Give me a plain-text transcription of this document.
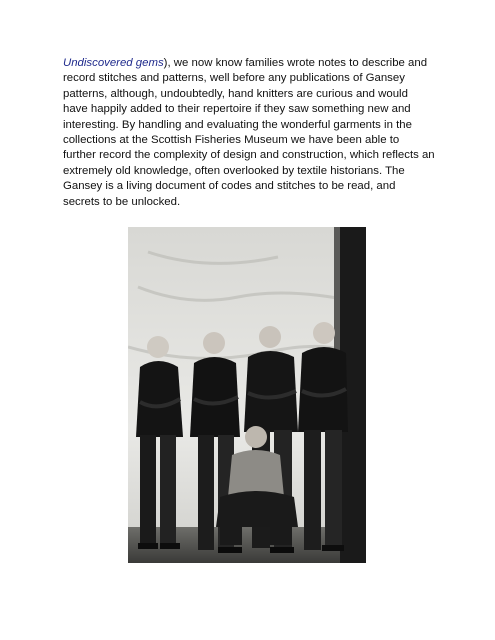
Undiscovered gems), we now know families wrote notes to describe and record stitches and patterns, well before any publications of Gansey patterns, although, undoubtedly, hand knitters are curious and would have happily added to their repertoire if they saw something new and interesting. By handling and evaluating the wonderful garments in the collections at the Scottish Fisheries Museum we have been able to further record the complexity of design and construction, which reflects an extremely old knowledge, often overlooked by textile historians. The Gansey is a living document of codes and stitches to be read, and secrets to be unlocked.
